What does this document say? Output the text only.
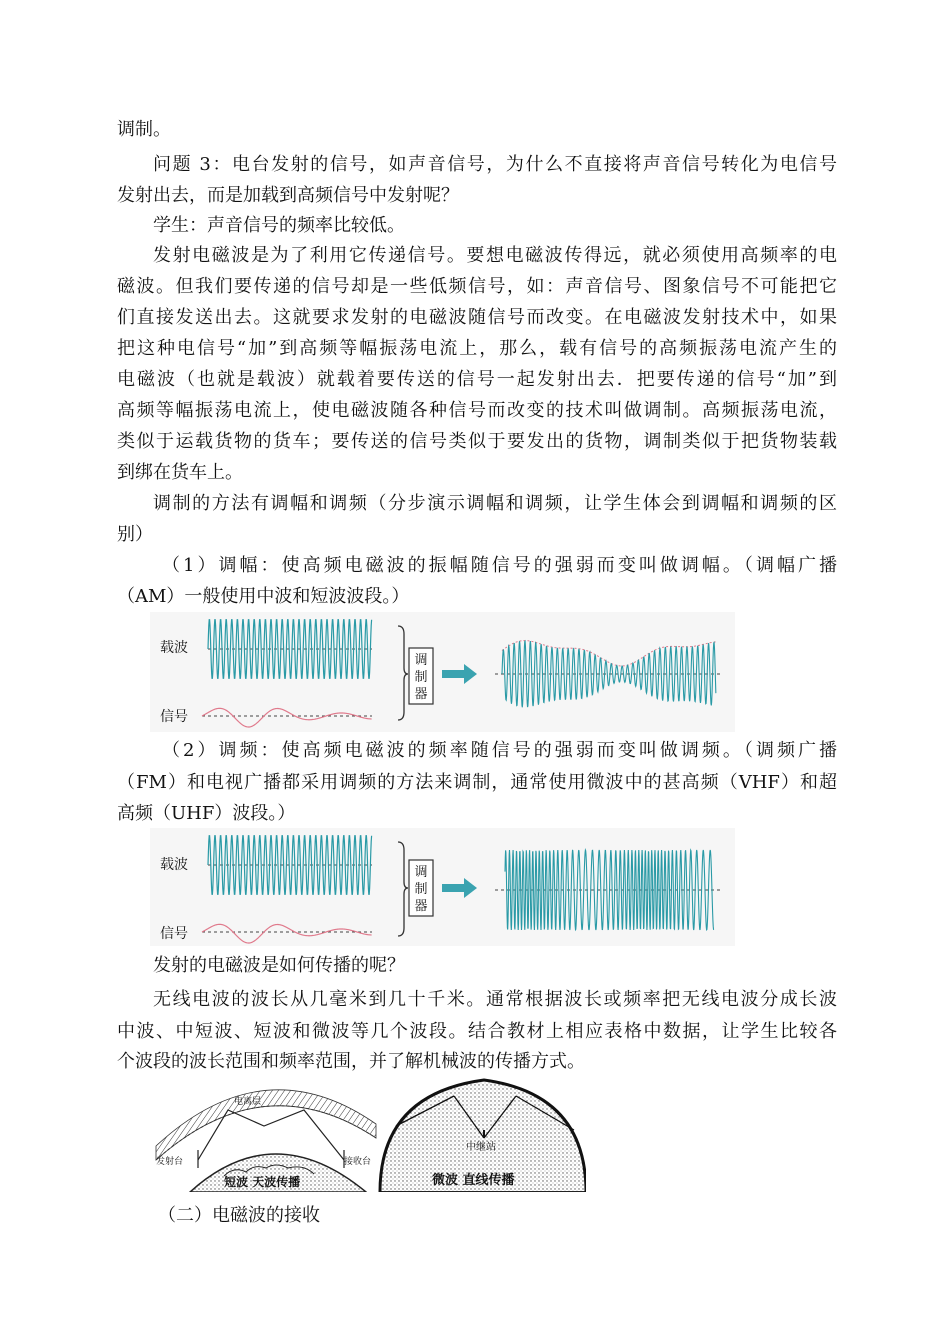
调制。
问题 3：电台发射的信号，如声音信号，为什么不直接将声音信号转化为电信号
发射出去，而是加载到高频信号中发射呢？
学生：声音信号的频率比较低。
发射电磁波是为了利用它传递信号。要想电磁波传得远，就必须使用高频率的电
磁波。但我们要传递的信号却是一些低频信号，如：声音信号、图象信号不可能把它
们直接发送出去。这就要求发射的电磁波随信号而改变。在电磁波发射技术中，如果
把这种电信号“加”到高频等幅振荡电流上，那么，载有信号的高频振荡电流产生的
电磁波（也就是载波）就载着要传送的信号一起发射出去．把要传递的信号“加”到
高频等幅振荡电流上，使电磁波随各种信号而改变的技术叫做调制。高频振荡电流，
类似于运载货物的货车；要传送的信号类似于要发出的货物，调制类似于把货物装载
到绑在货车上。
调制的方法有调幅和调频（分步演示调幅和调频，让学生体会到调幅和调频的区
别）
（1）调幅：使高频电磁波的振幅随信号的强弱而变叫做调幅。（调幅广播
（AM）一般使用中波和短波波段。）
载波
信号
调制器
（2）调频：使高频电磁波的频率随信号的强弱而变叫做调频。（调频广播
（FM）和电视广播都采用调频的方法来调制，通常使用微波中的甚高频（VHF）和超
高频（UHF）波段。）
载波
信号
调制器
发射的电磁波是如何传播的呢？
无线电波的波长从几毫米到几十千米。通常根据波长或频率把无线电波分成长波
中波、中短波、短波和微波等几个波段。结合教材上相应表格中数据，让学生比较各
个波段的波长范围和频率范围，并了解机械波的传播方式。
电离层
发射台	接收台
短波 天波传播
中继站
微波 直线传播
（二）电磁波的接收
